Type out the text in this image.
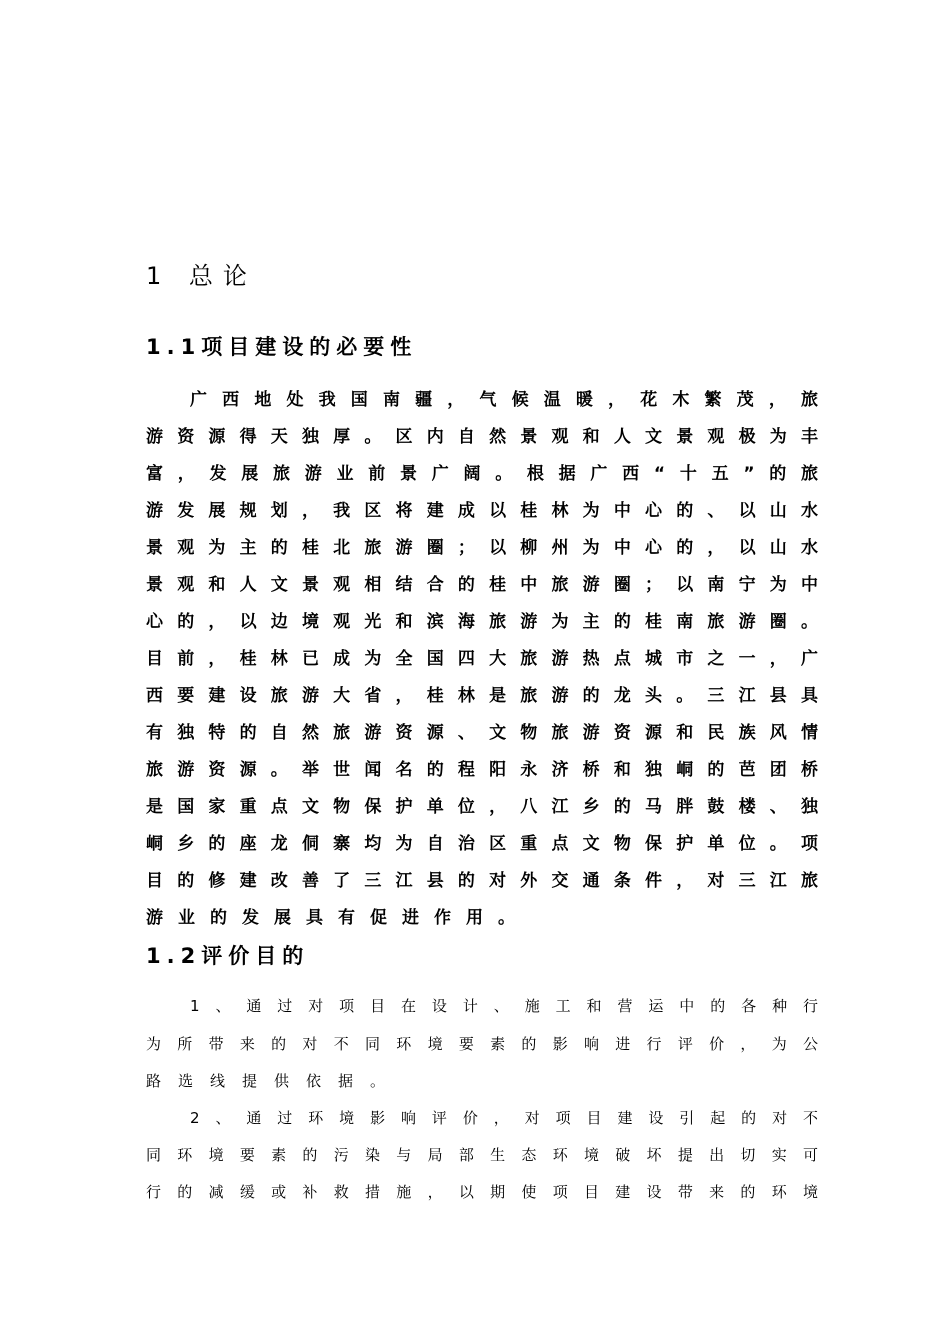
1 总论
1.1项目建设的必要性
广西地处我国南疆，气候温暖，花木繁茂，旅
游资源得天独厚。区内自然景观和人文景观极为丰
富，发展旅游业前景广阔。根据广西“十五”的旅
游发展规划，我区将建成以桂林为中心的、以山水
景观为主的桂北旅游圈；以柳州为中心的，以山水
景观和人文景观相结合的桂中旅游圈；以南宁为中
心的，以边境观光和滨海旅游为主的桂南旅游圈。
目前，桂林已成为全国四大旅游热点城市之一，广
西要建设旅游大省，桂林是旅游的龙头。三江县具
有独特的自然旅游资源、文物旅游资源和民族风情
旅游资源。举世闻名的程阳永济桥和独峒的芭团桥
是国家重点文物保护单位，八江乡的马胖鼓楼、独
峒乡的座龙侗寨均为自治区重点文物保护单位。项
目的修建改善了三江县的对外交通条件，对三江旅
游业的发展具有促进作用。
1.2评价目的
1、通过对项目在设计、施工和营运中的各种行
为所带来的对不同环境要素的影响进行评价，为公
路选线提供依据。
2、通过环境影响评价，对项目建设引起的对不
同环境要素的污染与局部生态环境破坏提出切实可
行的减缓或补救措施，以期使项目建设带来的环境
